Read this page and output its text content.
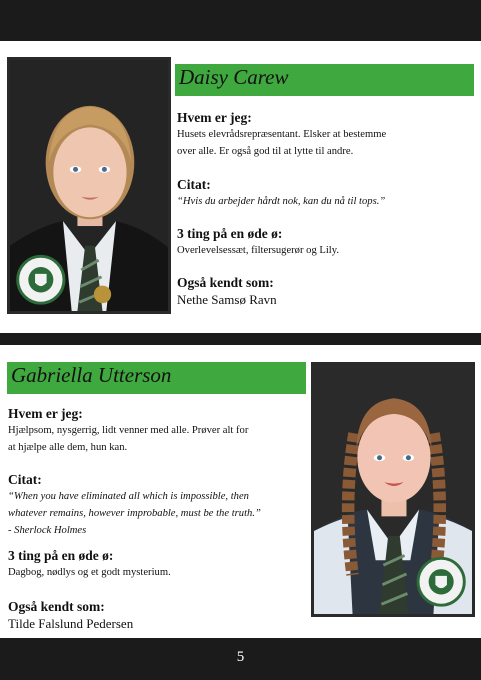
5
Daisy Carew
Hvem er jeg:
Husets elevrådsrepræsentant. Elsker at bestemme
over alle. Er også god til at lytte til andre.
Citat:
“Hvis du arbejder hårdt nok, kan du nå til tops.”
3 ting på en øde ø:
Overlevelsessæt, filtersugerør og Lily.
Også kendt som:
Nethe Samsø Ravn
Gabriella Utterson
Hvem er jeg:
Hjælpsom, nysgerrig, lidt venner med alle. Prøver alt for
at hjælpe alle dem, hun kan.
Citat:
“When you have eliminated all which is impossible, then
whatever remains, however improbable, must be the truth.”
- Sherlock Holmes
3 ting på en øde ø:
Dagbog, nødlys og et godt mysterium.
Også kendt som:
Tilde Falslund Pedersen
